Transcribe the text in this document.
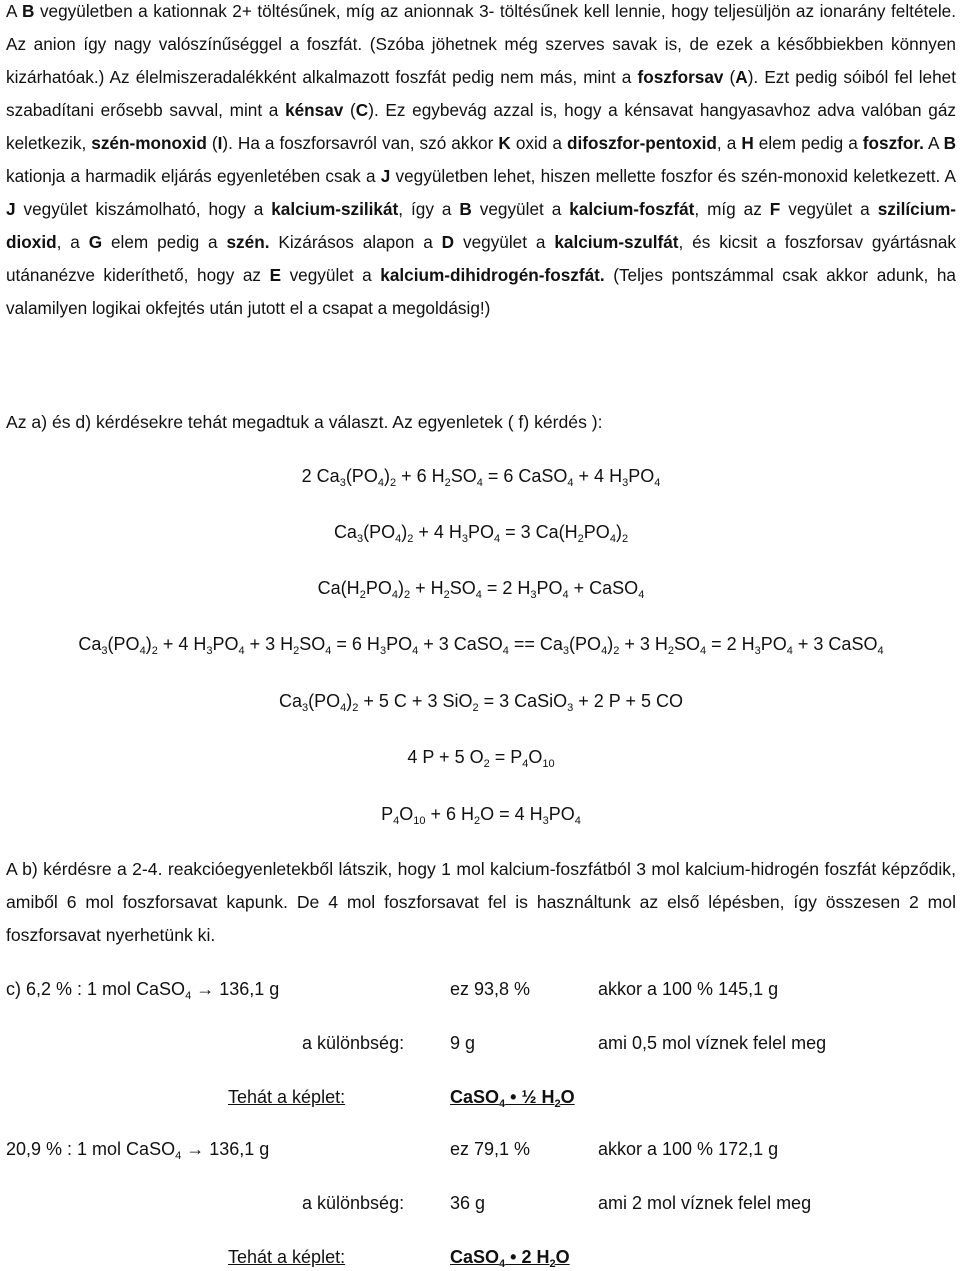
A B vegyületben a kationnak 2+ töltésűnek, míg az anionnak 3- töltésűnek kell lennie, hogy teljesüljön az ionarány feltétele. Az anion így nagy valószínűséggel a foszfát. (Szóba jöhetnek még szerves savak is, de ezek a későbbiekben könnyen kizárhatóak.) Az élelmiszeradalékként alkalmazott foszfát pedig nem más, mint a foszforsav (A). Ezt pedig sóiból fel lehet szabadítani erősebb savval, mint a kénsav (C). Ez egybevág azzal is, hogy a kénsavat hangyasavhoz adva valóban gáz keletkezik, szén-monoxid (I). Ha a foszforsavról van, szó akkor K oxid a difoszfor-pentoxid, a H elem pedig a foszfor. A B kationja a harmadik eljárás egyenletében csak a J vegyületben lehet, hiszen mellette foszfor és szén-monoxid keletkezett. A J vegyület kiszámolható, hogy a kalcium-szilikát, így a B vegyület a kalcium-foszfát, míg az F vegyület a szilícium-dioxid, a G elem pedig a szén. Kizárásos alapon a D vegyület a kalcium-szulfát, és kicsit a foszforsav gyártásnak utánanézve kideríthető, hogy az E vegyület a kalcium-dihidrogén-foszfát. (Teljes pontszámmal csak akkor adunk, ha valamilyen logikai okfejtés után jutott el a csapat a megoldásig!)

Az a) és d) kérdésekre tehát megadtuk a választ. Az egyenletek ( f) kérdés ):

2 $Ca_3(PO_4)_2 + 6$ $H_2SO_4 = 6$ CaSO$_4$ + 4 $H_3PO_4$
$Ca_3(PO_4)_2 + 4$ $H_3PO_4 = 3$ $Ca(H_2PO_4)_2$
$Ca(H_2PO_4)_2 + H_2SO_4 = 2$ $H_3PO_4$ + CaSO$_4$
$Ca_3(PO_4)_2 + 4$ $H_3PO_4 + 3$ $H_2SO_4 = 6$ $H_3PO_4 + 3$ CaSO$_4$ == $Ca_3(PO_4)_2 + 3$ $H_2SO_4 = 2$ $H_3PO_4 + 3$ CaSO$_4$
$Ca_3(PO_4)_2 + 5$ C + 3 SiO$_2$ = 3 CaSiO$_3$ + 2 P + 5 CO
4 P + 5 $O_2 = P_4O_{10}$
$P_4O_{10} + 6$ $H_2O = 4$ $H_3PO_4$

A b) kérdésre a 2-4. reakcióegyenletekből látszik, hogy 1 mol kalcium-foszfátból 3 mol kalcium-hidrogén foszfát képződik, amiből 6 mol foszforsavat kapunk. De 4 mol foszforsavat fel is használtunk az első lépésben, így összesen 2 mol foszforsavat nyerhetünk ki.

c) 6,2 % : 1 mol CaSO$_4$ → 136,1 g	ez 93,8 %	akkor a 100 % 145,1 g
a különbség:	9 g	ami 0,5 mol víznek felel meg
Tehát a képlet:	CaSO$_4$ • ½ $H_2O$
20,9 % : 1 mol CaSO$_4$ → 136,1 g	ez 79,1 %	akkor a 100 % 172,1 g
a különbség:	36 g	ami 2 mol víznek felel meg
Tehát a képlet:	CaSO$_4$ • 2 $H_2O$
